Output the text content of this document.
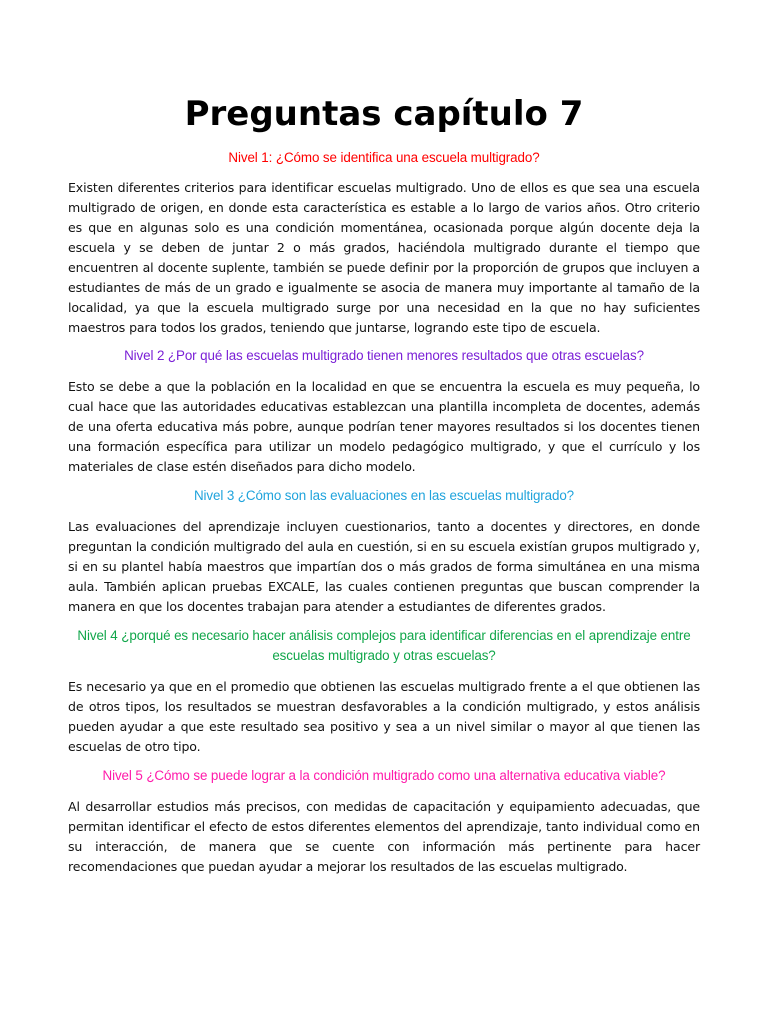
Preguntas capítulo 7

Nivel 1: ¿Cómo se identifica una escuela multigrado?

Existen diferentes criterios para identificar escuelas multigrado. Uno de ellos es que sea una escuela multigrado de origen, en donde esta característica es estable a lo largo de varios años. Otro criterio es que en algunas solo es una condición momentánea, ocasionada porque algún docente deja la escuela y se deben de juntar 2 o más grados, haciéndola multigrado durante el tiempo que encuentren al docente suplente, también se puede definir por la proporción de grupos que incluyen a estudiantes de más de un grado e igualmente se asocia de manera muy importante al tamaño de la localidad, ya que la escuela multigrado surge por una necesidad en la que no hay suficientes maestros para todos los grados, teniendo que juntarse, logrando este tipo de escuela.

Nivel 2 ¿Por qué las escuelas multigrado tienen menores resultados que otras escuelas?

Esto se debe a que la población en la localidad en que se encuentra la escuela es muy pequeña, lo cual hace que las autoridades educativas establezcan una plantilla incompleta de docentes, además de una oferta educativa más pobre, aunque podrían tener mayores resultados si los docentes tienen una formación específica para utilizar un modelo pedagógico multigrado, y que el currículo y los materiales de clase estén diseñados para dicho modelo.

Nivel 3 ¿Cómo son las evaluaciones en las escuelas multigrado?

Las evaluaciones del aprendizaje incluyen cuestionarios, tanto a docentes y directores, en donde preguntan la condición multigrado del aula en cuestión, si en su escuela existían grupos multigrado y, si en su plantel había maestros que impartían dos o más grados de forma simultánea en una misma aula. También aplican pruebas EXCALE, las cuales contienen preguntas que buscan comprender la manera en que los docentes trabajan para atender a estudiantes de diferentes grados.

Nivel 4 ¿porqué es necesario hacer análisis complejos para identificar diferencias en el aprendizaje entre escuelas multigrado y otras escuelas?

Es necesario ya que en el promedio que obtienen las escuelas multigrado frente a el que obtienen las de otros tipos, los resultados se muestran desfavorables a la condición multigrado, y estos análisis pueden ayudar a que este resultado sea positivo y sea a un nivel similar o mayor al que tienen las escuelas de otro tipo.

Nivel 5 ¿Cómo se puede lograr a la condición multigrado como una alternativa educativa viable?

Al desarrollar estudios más precisos, con medidas de capacitación y equipamiento adecuadas, que permitan identificar el efecto de estos diferentes elementos del aprendizaje, tanto individual como en su interacción, de manera que se cuente con información más pertinente para hacer recomendaciones que puedan ayudar a mejorar los resultados de las escuelas multigrado.
